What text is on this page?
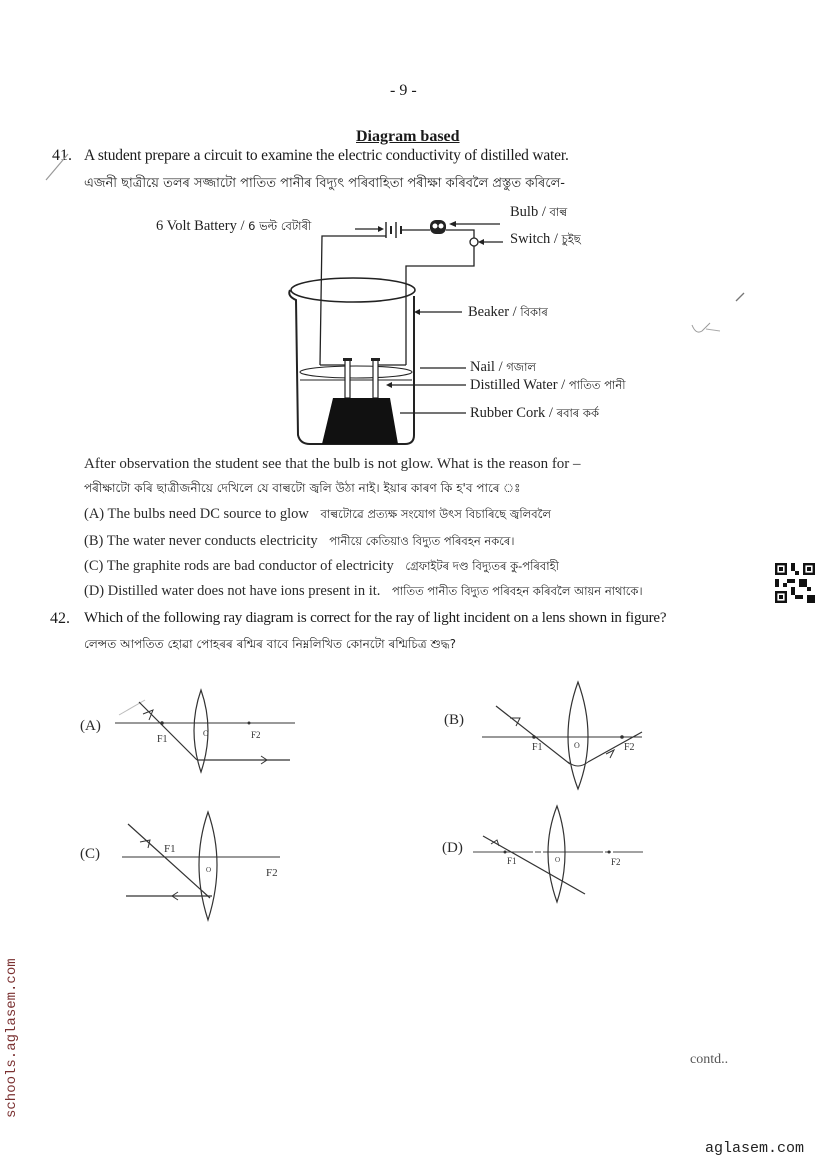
- 9 -
Diagram based
41. A student prepare a circuit to examine the electric conductivity of distilled water.
এজনী ছাত্ৰীয়ে তলৰ সজ্জাটো পাতিত পানীৰ বিদ্যুৎ পৰিবাহিতা পৰীক্ষা কৰিবলৈ প্ৰস্তুত কৰিলে-
6 Volt Battery / 6 ভল্ট বেটাৰী
Bulb / বাল্ব
Switch / চুইছ
Beaker / বিকাৰ
Nail / গজাল
Distilled Water / পাতিত পানী
Rubber Cork / ৰবাৰ কৰ্ক
After observation the student see that the bulb is not glow. What is the reason for –
পৰীক্ষাটো কৰি ছাত্ৰীজনীয়ে দেখিলে যে বাল্বটো জ্বলি উঠা নাই। ইয়াৰ কাৰণ কি হ'ব পাৰে ঃ
(A) The bulbs need DC source to glow বাল্বটোৱে প্ৰত্যক্ষ সংযোগ উৎস বিচাৰিছে জ্বলিবলৈ
(B) The water never conducts electricity পানীয়ে কেতিয়াও বিদ্যুত পৰিবহন নকৰে।
(C) The graphite rods are bad conductor of electricity গ্ৰেফাইটৰ দণ্ড বিদ্যুতৰ কু-পৰিবাহী
(D) Distilled water does not have ions present in it. পাতিত পানীত বিদ্যুত পৰিবহন কৰিবলৈ আয়ন নাথাকে।
42. Which of the following ray diagram is correct for the ray of light incident on a lens shown in figure?
লেন্সত আপতিত হোৱা পোহৰৰ ৰশ্মিৰ বাবে নিম্নলিখিত কোনটো ৰশ্মিচিত্ৰ শুদ্ধ?
(A)
F1
O	F2
(B)
F1	O	F2
(C)	F1
O	F2
(D)
F1	O	F2
contd..
schools.aglasem.com
aglasem.com
